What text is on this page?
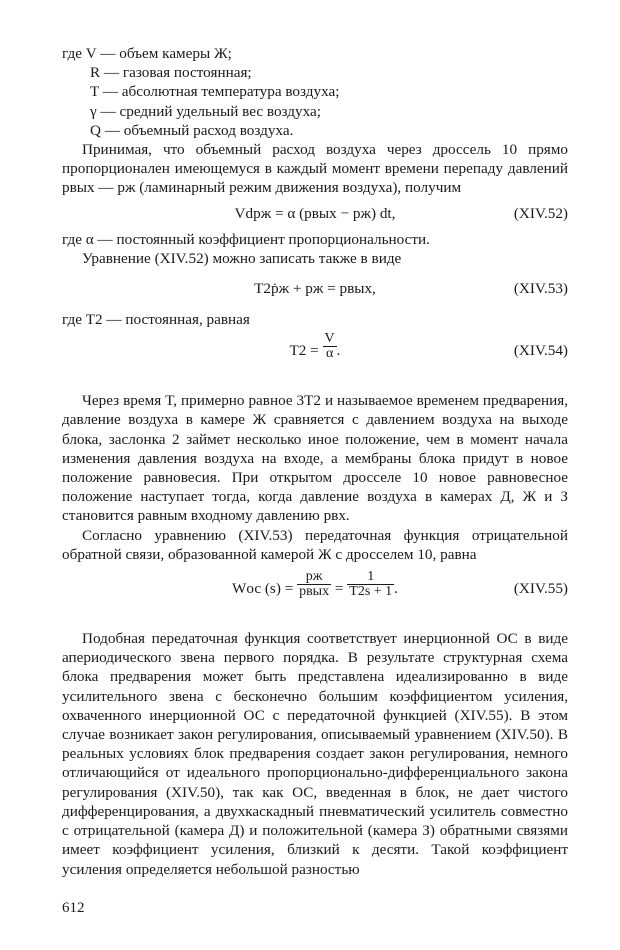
где V — объем камеры Ж;
R — газовая постоянная;
T — абсолютная температура воздуха;
γ — средний удельный вес воздуха;
Q — объемный расход воздуха.

Принимая, что объемный расход воздуха через дроссель 10 прямо пропорционален имеющемуся в каждый момент времени перепаду давлений pвых — pж (ламинарный режим движения воздуха), получим

Vdpж = α (pвых − pж) dt,	(XIV.52)

где α — постоянный коэффициент пропорциональности.

Уравнение (XIV.52) можно записать также в виде

T2ṗж + pж = pвых,	(XIV.53)

где T2 — постоянная, равная

$T2 = \frac{V}{\alpha}$ .	(XIV.54)

Через время T, примерно равное 3T2 и называемое временем предварения, давление воздуха в камере Ж сравняется с давлением воздуха на выходе блока, заслонка 2 займет несколько иное положение, чем в момент начала изменения давления воздуха на входе, а мембраны блока придут в новое положение равновесия. При открытом дросселе 10 новое равновесное положение наступает тогда, когда давление воздуха в камерах Д, Ж и З становится равным входному давлению pвх.

Согласно уравнению (XIV.53) передаточная функция отрицательной обратной связи, образованной камерой Ж с дросселем 10, равна

Wос $(s) = \frac{pж}{\text{pвых}} = \frac{1}{T2s + 1}$ .	(XIV.55)

Подобная передаточная функция соответствует инерционной ОС в виде апериодического звена первого порядка. В результате структурная схема блока предварения может быть представлена идеализированно в виде усилительного звена с бесконечно большим коэффициентом усиления, охваченного инерционной ОС с передаточной функцией (XIV.55). В этом случае возникает закон регулирования, описываемый уравнением (XIV.50). В реальных условиях блок предварения создает закон регулирования, немного отличающийся от идеального пропорционально-дифференциального закона регулирования (XIV.50), так как ОС, введенная в блок, не дает чистого дифференцирования, а двухкаскадный пневматический усилитель совместно с отрицательной (камера Д) и положительной (камера З) обратными связями имеет коэффициент усиления, близкий к десяти. Такой коэффициент усиления определяется небольшой разностью

612
